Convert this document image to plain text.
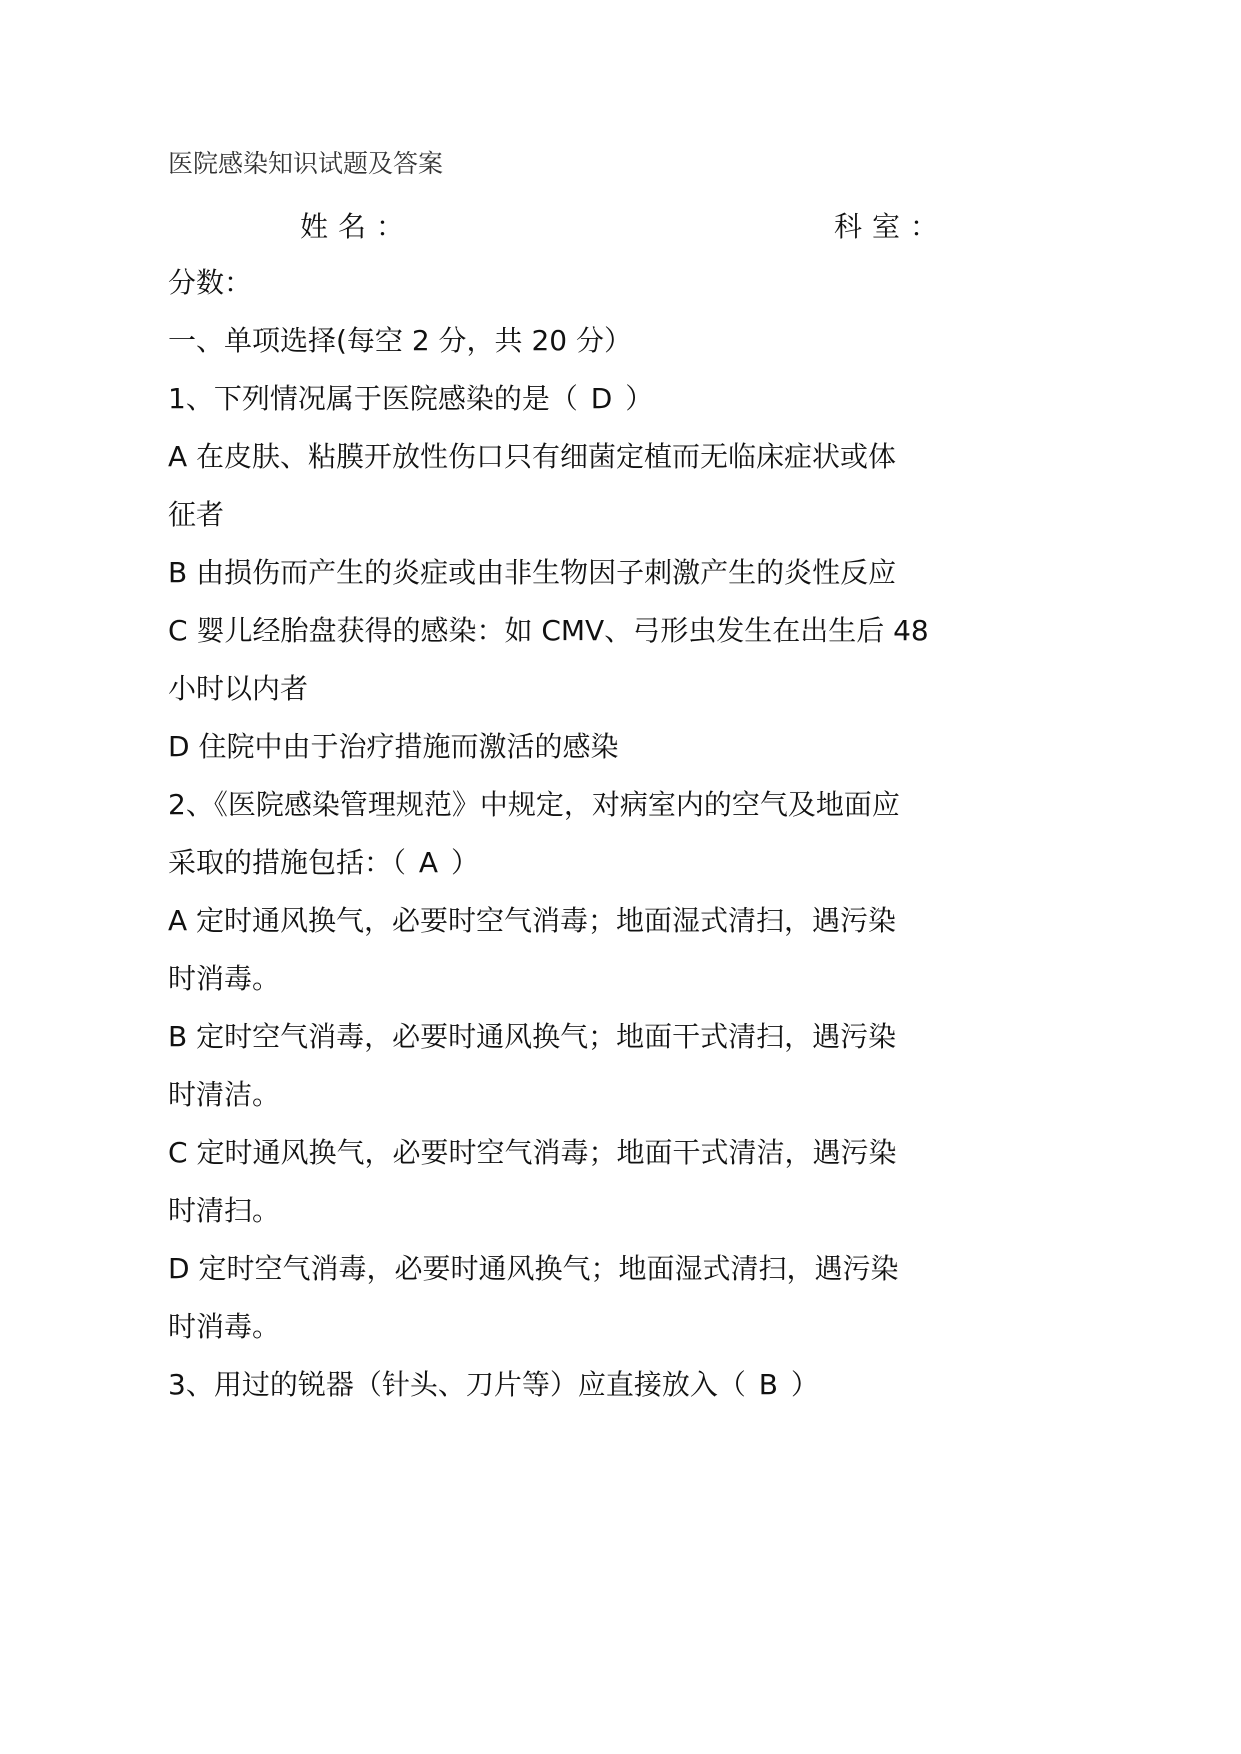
医院感染知识试题及答案
姓名：	科室：
分数：
一、单项选择(每空 2 分，共 20 分）
1、下列情况属于医院感染的是（ D ）
A 在皮肤、粘膜开放性伤口只有细菌定植而无临床症状或体
征者
B 由损伤而产生的炎症或由非生物因子刺激产生的炎性反应
C 婴儿经胎盘获得的感染：如 CMV、弓形虫发生在出生后 48
小时以内者
D 住院中由于治疗措施而激活的感染
2、《医院感染管理规范》中规定，对病室内的空气及地面应
采取的措施包括：（ A ）
A 定时通风换气，必要时空气消毒；地面湿式清扫，遇污染
时消毒。
B 定时空气消毒，必要时通风换气；地面干式清扫，遇污染
时清洁。
C 定时通风换气，必要时空气消毒；地面干式清洁，遇污染
时清扫。
D 定时空气消毒，必要时通风换气；地面湿式清扫，遇污染
时消毒。
3、用过的锐器（针头、刀片等）应直接放入（ B ）
